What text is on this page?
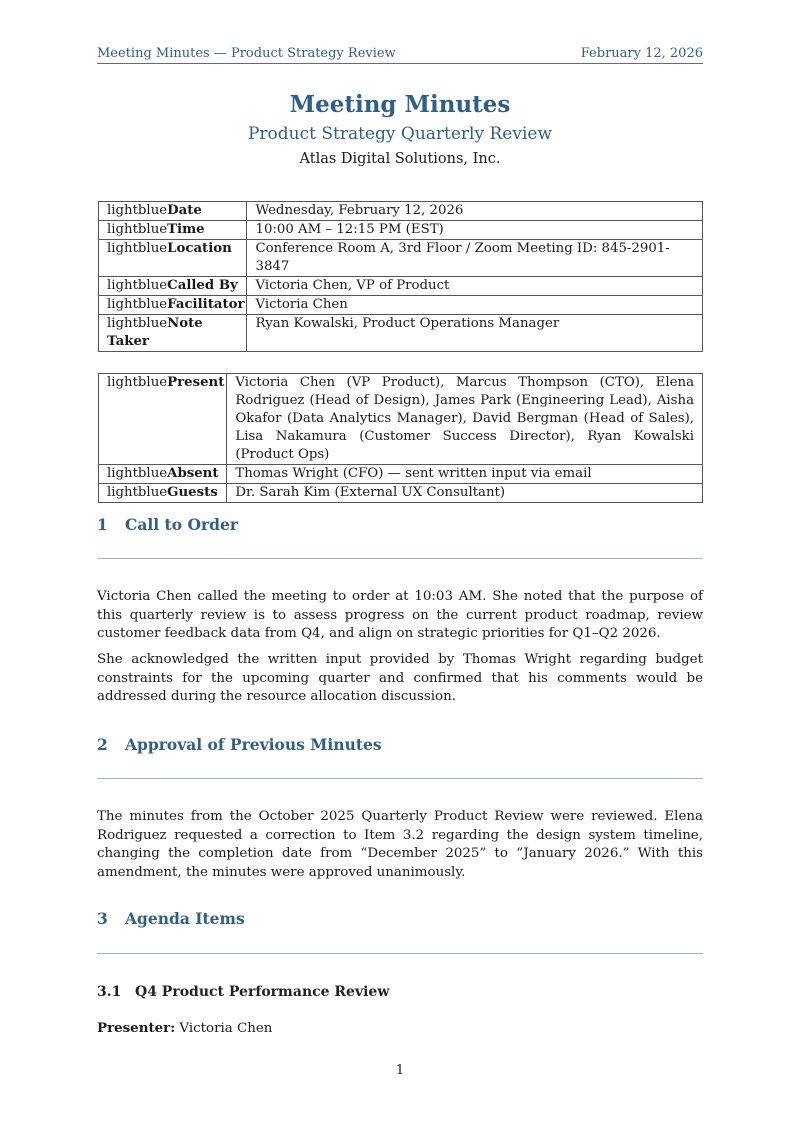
Meeting Minutes — Product Strategy Review	February 12, 2026
Meeting Minutes
Product Strategy Quarterly Review
Atlas Digital Solutions, Inc.
lightblueDate	Wednesday, February 12, 2026
lightblueTime	10:00 AM – 12:15 PM (EST)
lightblueLocation	Conference Room A, 3rd Floor / Zoom Meeting ID: 845-2901-3847
lightblueCalled By	Victoria Chen, VP of Product
lightblueFacilitator	Victoria Chen
lightblueNote Taker	Ryan Kowalski, Product Operations Manager
lightbluePresent	Victoria Chen (VP Product), Marcus Thompson (CTO), Elena Rodriguez (Head of Design), James Park (Engineering Lead), Aisha Okafor (Data Analytics Manager), David Bergman (Head of Sales), Lisa Nakamura (Customer Success Director), Ryan Kowalski (Product Ops)
lightblueAbsent	Thomas Wright (CFO) — sent written input via email
lightblueGuests	Dr. Sarah Kim (External UX Consultant)
1 Call to Order
Victoria Chen called the meeting to order at 10:03 AM. She noted that the purpose of this quarterly review is to assess progress on the current product roadmap, review customer feedback data from Q4, and align on strategic priorities for Q1–Q2 2026.
She acknowledged the written input provided by Thomas Wright regarding budget constraints for the upcoming quarter and confirmed that his comments would be addressed during the resource allocation discussion.
2 Approval of Previous Minutes
The minutes from the October 2025 Quarterly Product Review were reviewed. Elena Rodriguez requested a correction to Item 3.2 regarding the design system timeline, changing the completion date from “December 2025” to “January 2026.” With this amendment, the minutes were approved unanimously.
3 Agenda Items
3.1 Q4 Product Performance Review
Presenter: Victoria Chen
1
